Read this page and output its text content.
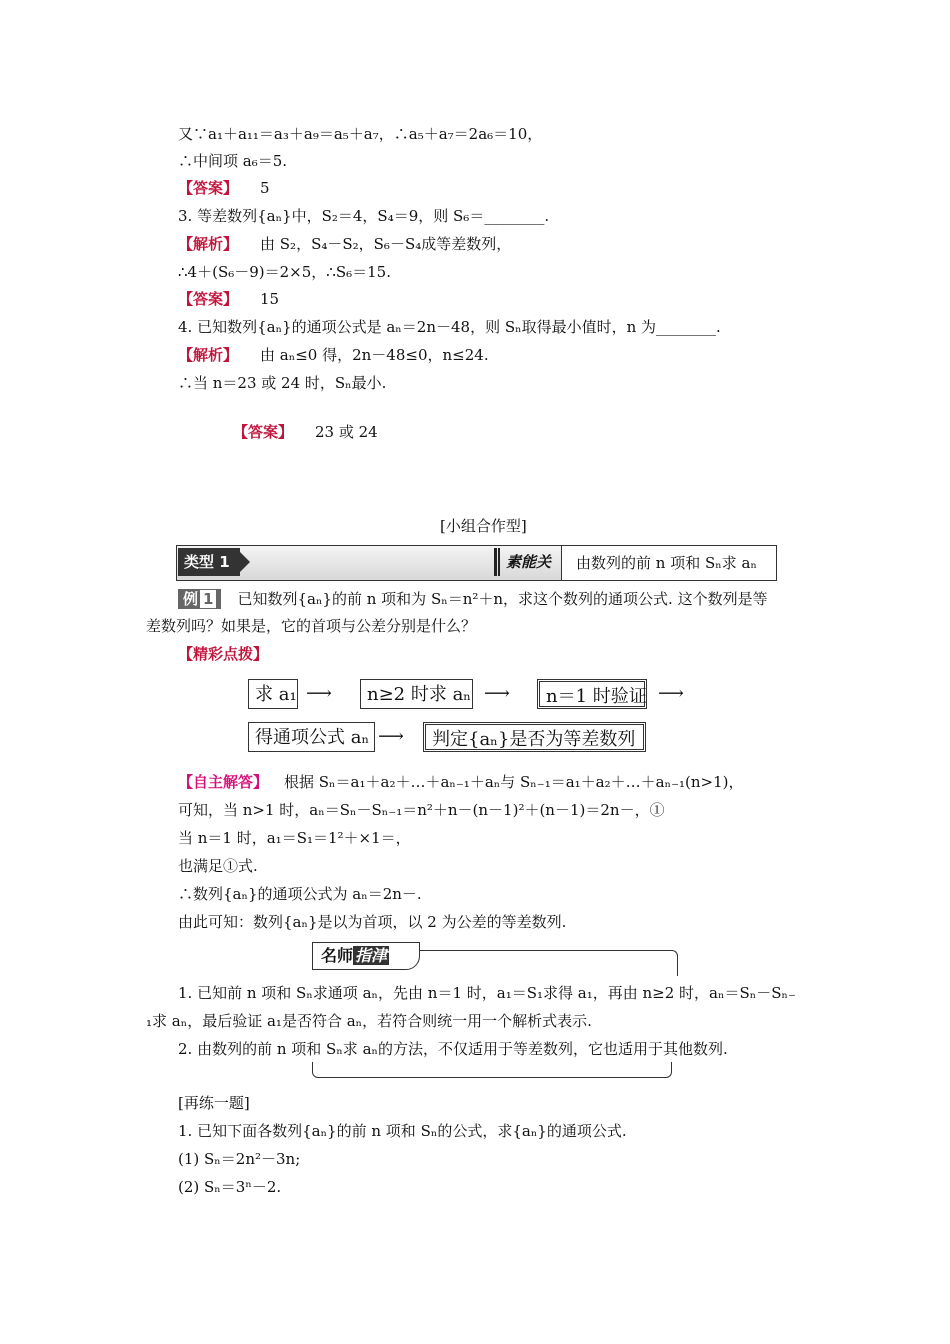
又∵a₁＋a₁₁＝a₃＋a₉＝a₅＋a₇，∴a₅＋a₇＝2a₆＝10，
∴中间项 a₆＝5.
【答案】 5
3. 等差数列{aₙ}中，S₂＝4，S₄＝9，则 S₆＝________.
【解析】 由 S₂，S₄－S₂，S₆－S₄成等差数列，
∴4＋(S₆－9)＝2×5，∴S₆＝15.
【答案】 15
4. 已知数列{aₙ}的通项公式是 aₙ＝2n－48，则 Sₙ取得最小值时，n 为________.
【解析】 由 aₙ≤0 得，2n－48≤0，n≤24.
∴当 n＝23 或 24 时，Sₙ最小.
【答案】 23 或 24
[小组合作型]
类型 1	素能关	由数列的前 n 项和 Sₙ求 aₙ
例 1 已知数列{aₙ}的前 n 项和为 Sₙ＝n²＋n，求这个数列的通项公式. 这个数列是等
差数列吗？如果是，它的首项与公差分别是什么？
【精彩点拨】
求 a₁ ⟶	n≥2 时求 aₙ ⟶	n＝1 时验证 ⟶
得通项公式 aₙ ⟶	判定{aₙ}是否为等差数列
【自主解答】 根据 Sₙ＝a₁＋a₂＋…＋aₙ₋₁＋aₙ与 Sₙ₋₁＝a₁＋a₂＋…＋aₙ₋₁(n>1)，
可知，当 n>1 时，aₙ＝Sₙ－Sₙ₋₁＝n²＋n－(n－1)²＋(n－1)＝2n－，①
当 n＝1 时，a₁＝S₁＝1²＋×1＝，
也满足①式.
∴数列{aₙ}的通项公式为 aₙ＝2n－.
由此可知：数列{aₙ}是以为首项，以 2 为公差的等差数列.
名师 指津
1. 已知前 n 项和 Sₙ求通项 aₙ，先由 n＝1 时，a₁＝S₁求得 a₁，再由 n≥2 时，aₙ＝Sₙ－Sₙ₋
₁求 aₙ，最后验证 a₁是否符合 aₙ，若符合则统一用一个解析式表示.
2. 由数列的前 n 项和 Sₙ求 aₙ的方法，不仅适用于等差数列，它也适用于其他数列.
[再练一题]
1. 已知下面各数列{aₙ}的前 n 项和 Sₙ的公式，求{aₙ}的通项公式.
(1) Sₙ＝2n²－3n;
(2) Sₙ＝3ⁿ－2.
